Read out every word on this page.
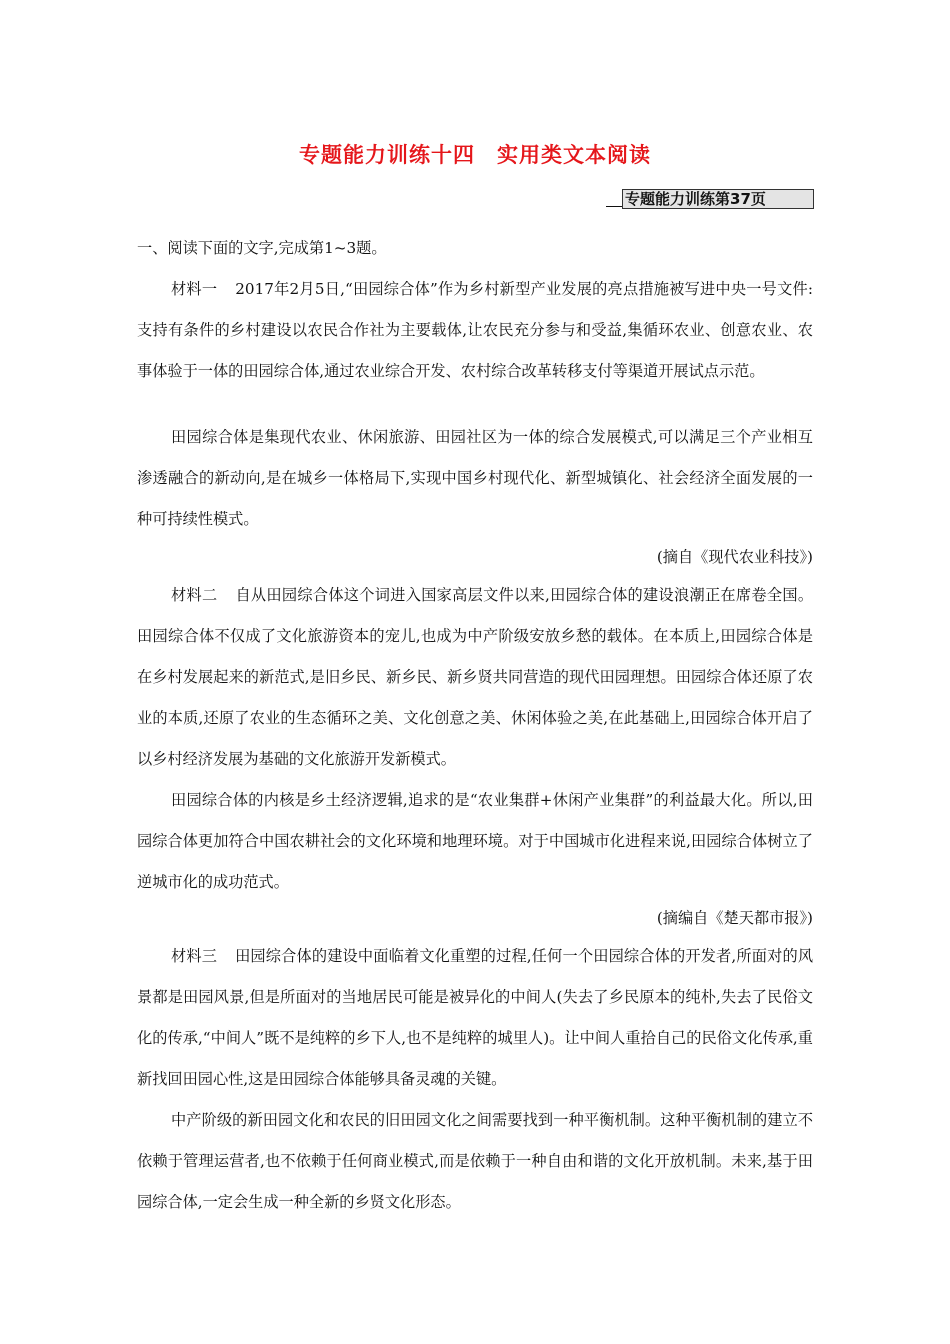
专题能力训练十四　实用类文本阅读
专题能力训练第37页

一、阅读下面的文字,完成第1~3题。

材料一 2017年2月5日,“田园综合体”作为乡村新型产业发展的亮点措施被写进中央一号文件:支持有条件的乡村建设以农民合作社为主要载体,让农民充分参与和受益,集循环农业、创意农业、农事体验于一体的田园综合体,通过农业综合开发、农村综合改革转移支付等渠道开展试点示范。

田园综合体是集现代农业、休闲旅游、田园社区为一体的综合发展模式,可以满足三个产业相互渗透融合的新动向,是在城乡一体格局下,实现中国乡村现代化、新型城镇化、社会经济全面发展的一种可持续性模式。

(摘自《现代农业科技》)

材料二 自从田园综合体这个词进入国家高层文件以来,田园综合体的建设浪潮正在席卷全国。田园综合体不仅成了文化旅游资本的宠儿,也成为中产阶级安放乡愁的载体。在本质上,田园综合体是在乡村发展起来的新范式,是旧乡民、新乡民、新乡贤共同营造的现代田园理想。田园综合体还原了农业的本质,还原了农业的生态循环之美、文化创意之美、休闲体验之美,在此基础上,田园综合体开启了以乡村经济发展为基础的文化旅游开发新模式。

田园综合体的内核是乡土经济逻辑,追求的是“农业集群+休闲产业集群”的利益最大化。所以,田园综合体更加符合中国农耕社会的文化环境和地理环境。对于中国城市化进程来说,田园综合体树立了逆城市化的成功范式。

(摘编自《楚天都市报》)

材料三 田园综合体的建设中面临着文化重塑的过程,任何一个田园综合体的开发者,所面对的风景都是田园风景,但是所面对的当地居民可能是被异化的中间人(失去了乡民原本的纯朴,失去了民俗文化的传承,“中间人”既不是纯粹的乡下人,也不是纯粹的城里人)。让中间人重拾自己的民俗文化传承,重新找回田园心性,这是田园综合体能够具备灵魂的关键。

中产阶级的新田园文化和农民的旧田园文化之间需要找到一种平衡机制。这种平衡机制的建立不依赖于管理运营者,也不依赖于任何商业模式,而是依赖于一种自由和谐的文化开放机制。未来,基于田园综合体,一定会生成一种全新的乡贤文化形态。
